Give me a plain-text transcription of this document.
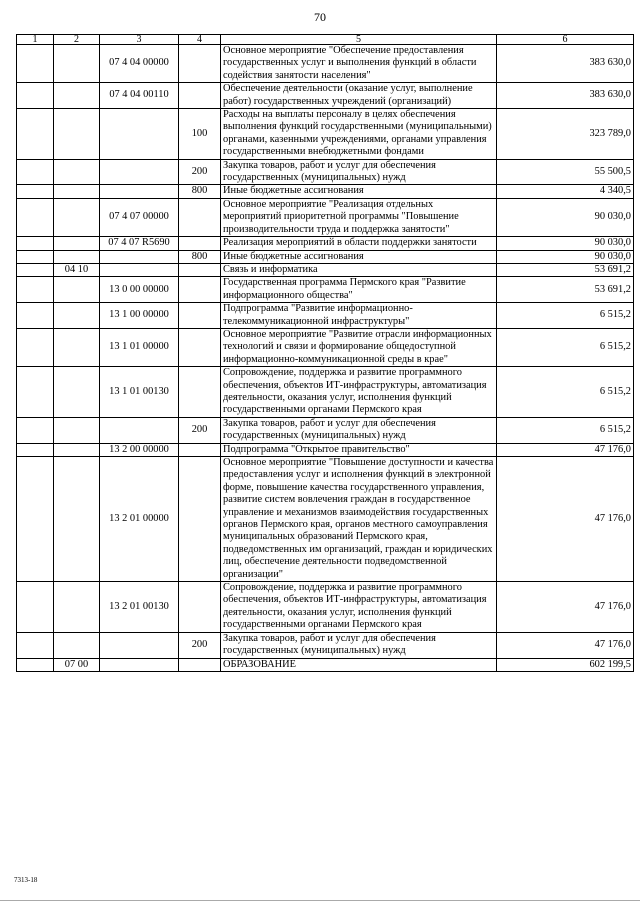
70
1	2	3	4	5	6
		07 4 04 00000		Основное мероприятие "Обеспечение предоставления государственных услуг и выполнения функций в области содействия занятости населения"	383 630,0
		07 4 04 00110		Обеспечение деятельности (оказание услуг, выполнение работ) государственных учреждений (организаций)	383 630,0
			100	Расходы на выплаты персоналу в целях обеспечения выполнения функций государственными (муниципальными) органами, казенными учреждениями, органами управления государственными внебюджетными фондами	323 789,0
			200	Закупка товаров, работ и услуг для обеспечения государственных (муниципальных) нужд	55 500,5
			800	Иные бюджетные ассигнования	4 340,5
		07 4 07 00000		Основное мероприятие "Реализация отдельных мероприятий приоритетной программы "Повышение производительности труда и поддержка занятости"	90 030,0
		07 4 07 R5690		Реализация мероприятий в области поддержки занятости	90 030,0
			800	Иные бюджетные ассигнования	90 030,0
	04 10			Связь и информатика	53 691,2
		13 0 00 00000		Государственная программа Пермского края "Развитие информационного общества"	53 691,2
		13 1 00 00000		Подпрограмма "Развитие информационно-телекоммуникационной инфраструктуры"	6 515,2
		13 1 01 00000		Основное мероприятие "Развитие отрасли информационных технологий и связи и формирование общедоступной информационно-коммуникационной среды в крае"	6 515,2
		13 1 01 00130		Сопровождение, поддержка и развитие программного обеспечения, объектов ИТ-инфраструктуры, автоматизация деятельности, оказания услуг, исполнения функций государственными органами Пермского края	6 515,2
			200	Закупка товаров, работ и услуг для обеспечения государственных (муниципальных) нужд	6 515,2
		13 2 00 00000		Подпрограмма "Открытое правительство"	47 176,0
		13 2 01 00000		Основное мероприятие "Повышение доступности и качества предоставления услуг и исполнения функций в электронной форме, повышение качества государственного управления, развитие систем вовлечения граждан в государственное управление и механизмов взаимодействия государственных органов Пермского края, органов местного самоуправления муниципальных образований Пермского края, подведомственных им организаций, граждан и юридических лиц, обеспечение деятельности подведомственной организации"	47 176,0
		13 2 01 00130		Сопровождение, поддержка и развитие программного обеспечения, объектов ИТ-инфраструктуры, автоматизация деятельности, оказания услуг, исполнения функций государственными органами Пермского края	47 176,0
			200	Закупка товаров, работ и услуг для обеспечения государственных (муниципальных) нужд	47 176,0
	07 00			ОБРАЗОВАНИЕ	602 199,5
7313-18
